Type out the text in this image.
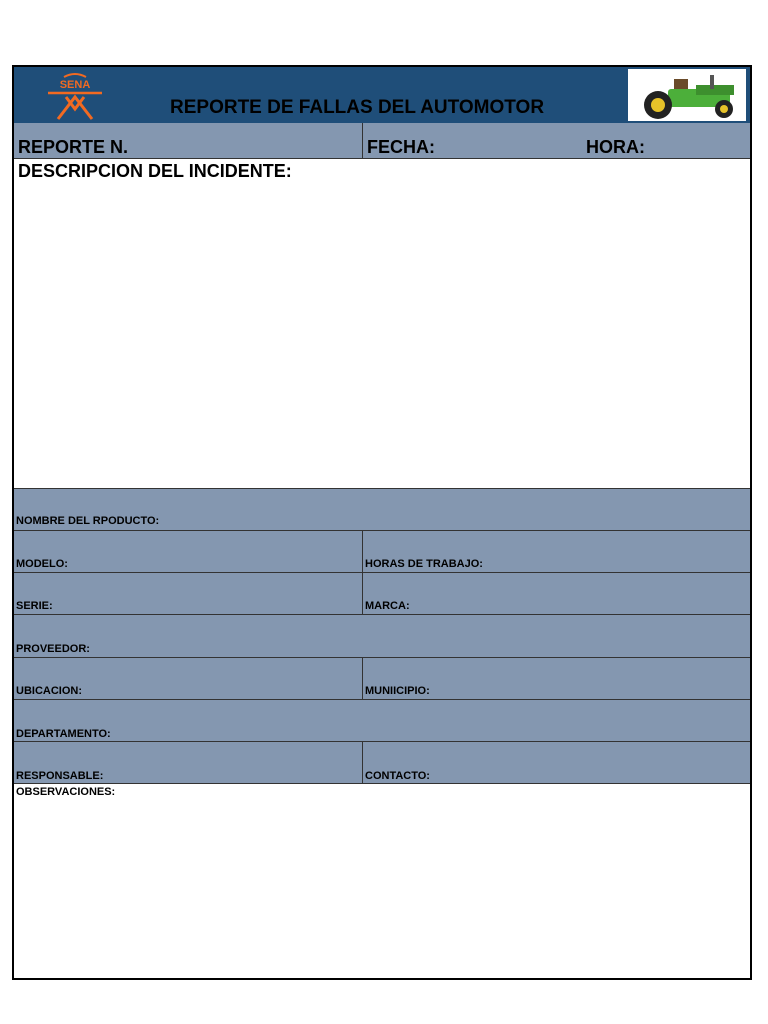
SENA
REPORTE DE FALLAS DEL AUTOMOTOR
REPORTE N.	FECHA:	HORA:
DESCRIPCION DEL INCIDENTE:
NOMBRE DEL RPODUCTO:
MODELO:	HORAS DE TRABAJO:
SERIE:	MARCA:
PROVEEDOR:
UBICACION:	MUNIICIPIO:
DEPARTAMENTO:
RESPONSABLE:	CONTACTO:
OBSERVACIONES:
